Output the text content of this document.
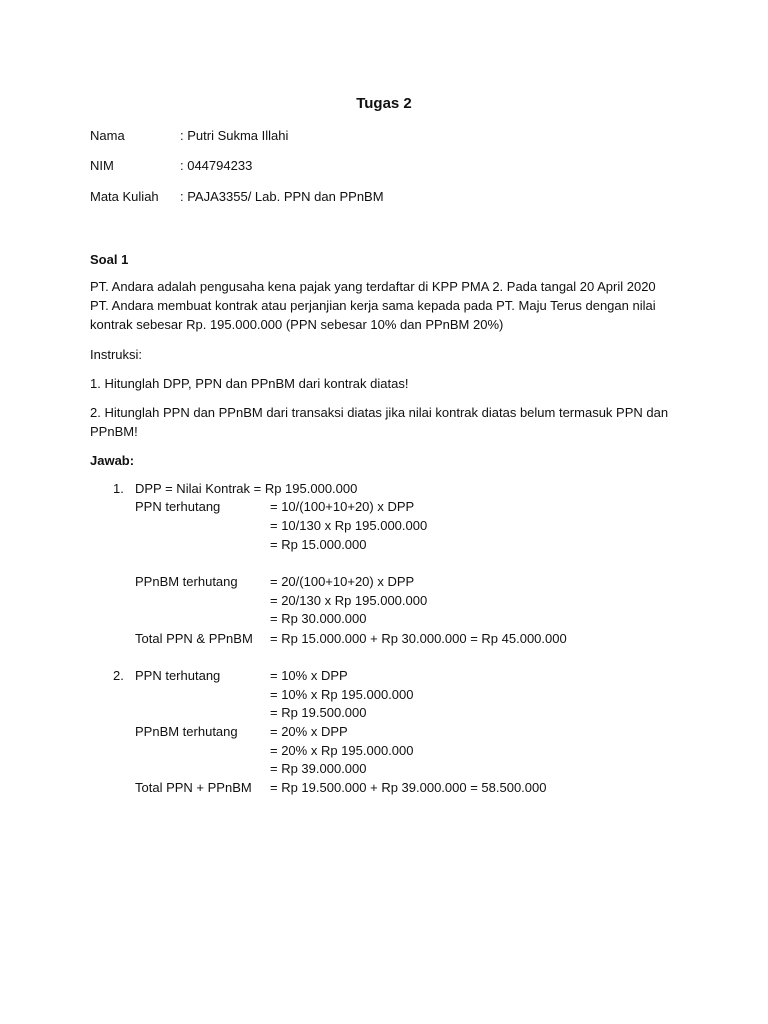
Tugas 2
Nama	: Putri Sukma Illahi
NIM	: 044794233
Mata Kuliah : PAJA3355/ Lab. PPN dan PPnBM
Soal 1
PT. Andara adalah pengusaha kena pajak yang terdaftar di KPP PMA 2. Pada tangal 20 April 2020 PT. Andara membuat kontrak atau perjanjian kerja sama kepada pada PT. Maju Terus dengan nilai kontrak sebesar Rp. 195.000.000 (PPN sebesar 10% dan PPnBM 20%)
Instruksi:
1. Hitunglah DPP, PPN dan PPnBM dari kontrak diatas!
2. Hitunglah PPN dan PPnBM dari transaksi diatas jika nilai kontrak diatas belum termasuk PPN dan PPnBM!
Jawab:
1. DPP = Nilai Kontrak = Rp 195.000.000
PPN terhutang	= 10/(100+10+20) x DPP
= 10/130 x Rp 195.000.000
= Rp 15.000.000
PPnBM terhutang = 20/(100+10+20) x DPP
= 20/130 x Rp 195.000.000
= Rp 30.000.000
Total PPN & PPnBM = Rp 15.000.000 + Rp 30.000.000 = Rp 45.000.000
2. PPN terhutang	= 10% x DPP
= 10% x Rp 195.000.000
= Rp 19.500.000
PPnBM terhutang = 20% x DPP
= 20% x Rp 195.000.000
= Rp 39.000.000
Total PPN + PPnBM = Rp 19.500.000 + Rp 39.000.000 = 58.500.000
